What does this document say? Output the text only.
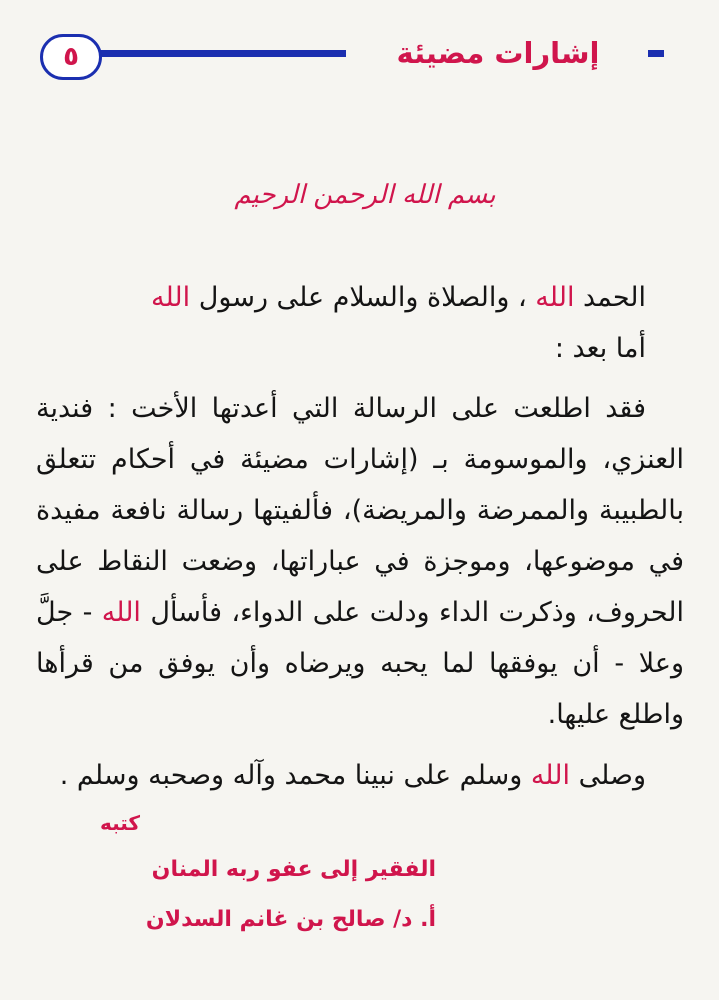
٥	إشارات مضيئة
بسم الله الرحمن الرحيم

الحمد الله ، والصلاة والسلام على رسول الله

أما بعد :

فقد اطلعت على الرسالة التي أعدتها الأخت : فندية العنزي، والموسومة بـ (إشارات مضيئة في أحكام تتعلق بالطبيبة والممرضة والمريضة)، فألفيتها رسالة نافعة مفيدة في موضوعها، وموجزة في عباراتها، وضعت النقاط على الحروف، وذكرت الداء ودلت على الدواء، فأسأل الله - جلَّ وعلا - أن يوفقها لما يحبه ويرضاه وأن يوفق من قرأها واطلع عليها.

وصلى الله وسلم على نبينا محمد وآله وصحبه وسلم .

كتبه
الفقير إلى عفو ربه المنان
أ. د/ صالح بن غانم السدلان
